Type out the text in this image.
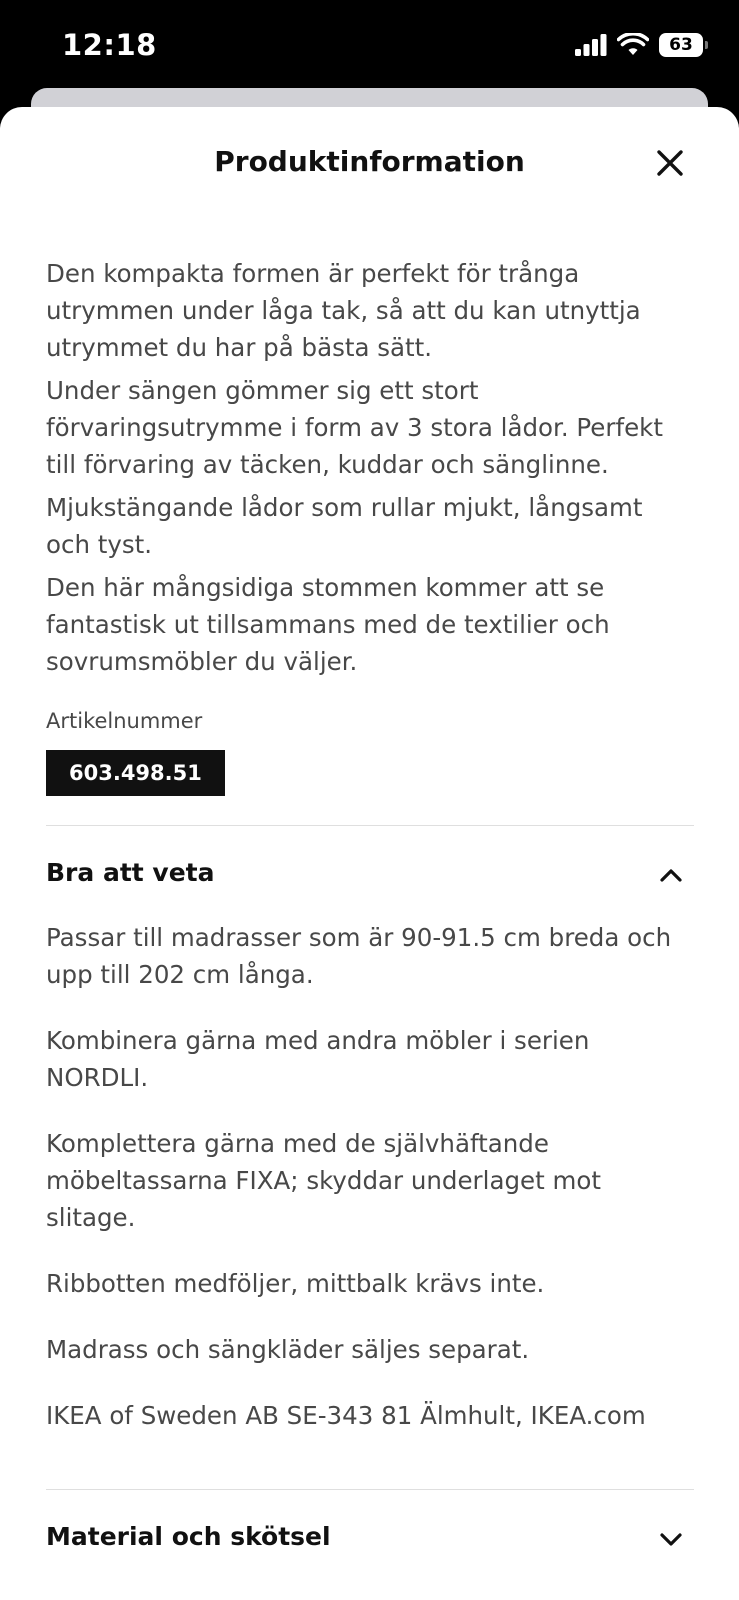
12:18	63
Produktinformation

Den kompakta formen är perfekt för trånga utrymmen under låga tak, så att du kan utnyttja utrymmet du har på bästa sätt.

Under sängen gömmer sig ett stort förvaringsutrymme i form av 3 stora lådor. Perfekt till förvaring av täcken, kuddar och sänglinne.

Mjukstängande lådor som rullar mjukt, långsamt och tyst.

Den här mångsidiga stommen kommer att se fantastisk ut tillsammans med de textilier och sovrumsmöbler du väljer.

Artikelnummer
603.498.51
Bra att veta

Passar till madrasser som är 90-91.5 cm breda och upp till 202 cm långa.

Kombinera gärna med andra möbler i serien NORDLI.

Komplettera gärna med de självhäftande möbeltassarna FIXA; skyddar underlaget mot slitage.

Ribbotten medföljer, mittbalk krävs inte.

Madrass och sängkläder säljes separat.

IKEA of Sweden AB SE-343 81 Älmhult, IKEA.com

Material och skötsel
